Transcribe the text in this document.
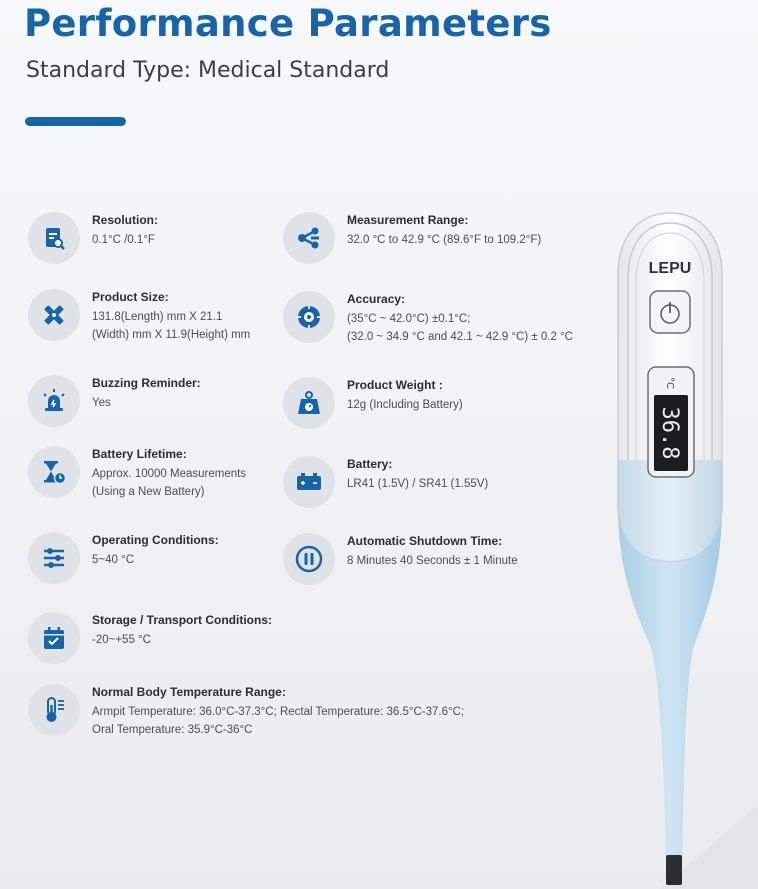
Performance Parameters
Standard Type: Medical Standard
Resolution:
0.1°C /0.1°F
Measurement Range:
32.0 °C to 42.9 °C (89.6°F to 109.2°F)
Product Size:
131.8(Length) mm X 21.1
(Width) mm X 11.9(Height) mm
Accuracy:
(35°C ~ 42.0°C) ±0.1°C;
(32.0 ~ 34.9 °C and 42.1 ~ 42.9 °C) ± 0.2 °C
Buzzing Reminder:
Yes
Product Weight :
12g (Including Battery)
Battery Lifetime:
Approx. 10000 Measurements
(Using a New Battery)
Battery:
LR41 (1.5V) / SR41 (1.55V)
Operating Conditions:
5~40 °C
Automatic Shutdown Time:
8 Minutes 40 Seconds ± 1 Minute
Storage / Transport Conditions:
-20~+55 °C
Normal Body Temperature Range:
Armpit Temperature: 36.0°C-37.3°C; Rectal Temperature: 36.5°C-37.6°C;
Oral Temperature: 35.9°C-36°C
LEPU
36.8
°C
